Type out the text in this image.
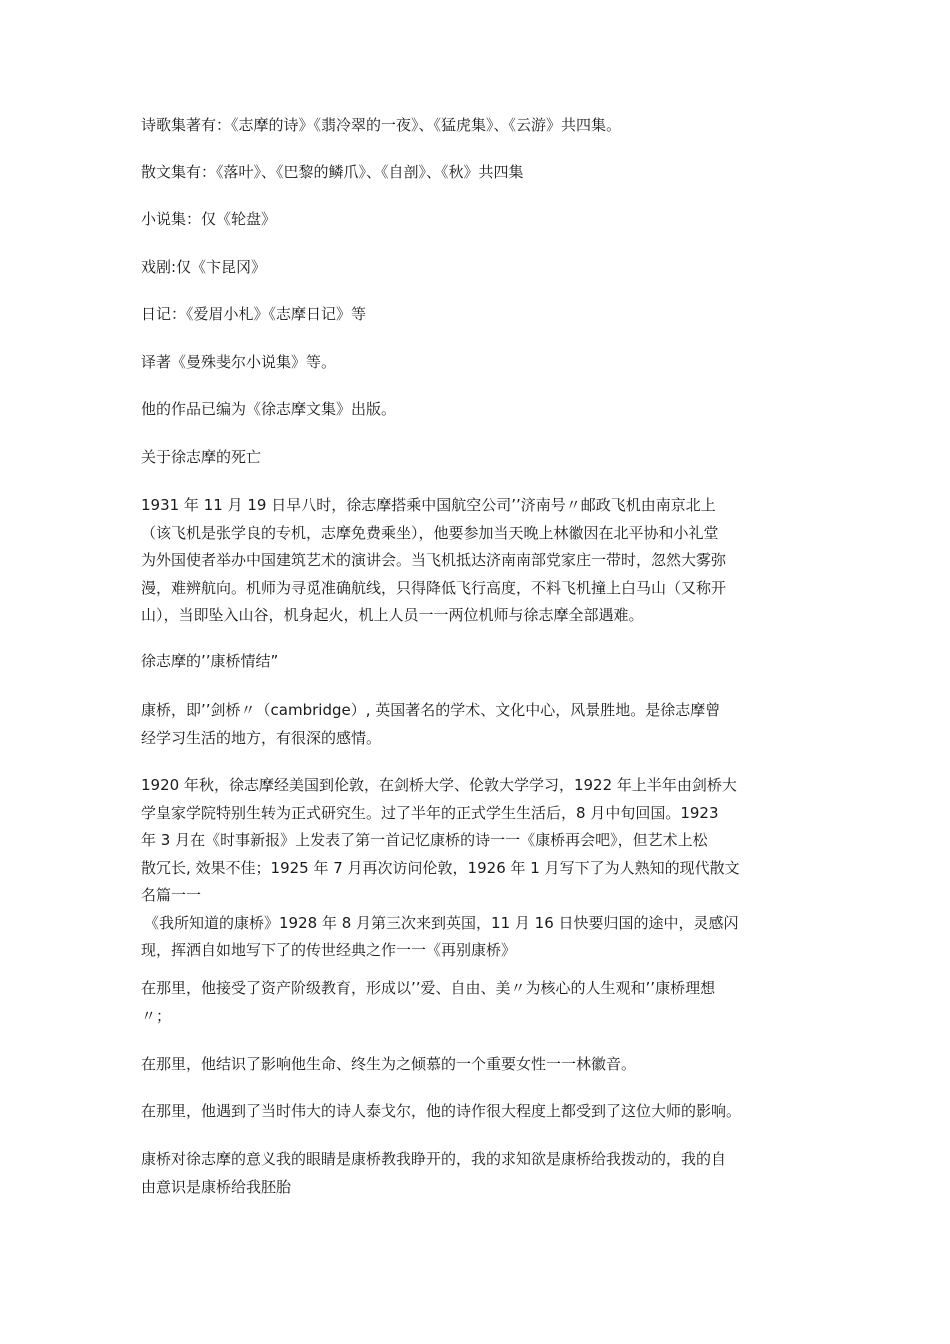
诗歌集著有：《志摩的诗》《翡冷翠的一夜》、《猛虎集》、《云游》共四集。
散文集有：《落叶》、《巴黎的鳞爪》、《自剖》、《秋》共四集
小说集：仅《轮盘》
戏剧:仅《卞昆冈》
日记：《爱眉小札》《志摩日记》等
译著《曼殊斐尔小说集》等。
他的作品已编为《徐志摩文集》出版。
关于徐志摩的死亡
1931 年 11 月 19 日早八时，徐志摩搭乘中国航空公司’’济南号〃邮政飞机由南京北上
（该飞机是张学良的专机，志摩免费乘坐），他要参加当天晚上林徽因在北平协和小礼堂
为外国使者举办中国建筑艺术的演讲会。当飞机抵达济南南部党家庄一带时，忽然大雾弥
漫，难辨航向。机师为寻觅准确航线，只得降低飞行高度，不料飞机撞上白马山（又称开
山），当即坠入山谷，机身起火，机上人员一一两位机师与徐志摩全部遇难。
徐志摩的’’康桥情结”
康桥，即’’剑桥〃（cambridge）, 英国著名的学术、文化中心，风景胜地。是徐志摩曾
经学习生活的地方，有很深的感情。
1920 年秋，徐志摩经美国到伦敦，在剑桥大学、伦敦大学学习，1922 年上半年由剑桥大
学皇家学院特别生转为正式研究生。过了半年的正式学生生活后，8 月中旬回国。1923
年 3 月在《时事新报》上发表了第一首记忆康桥的诗一一《康桥再会吧》，但艺术上松
散冗长, 效果不佳；1925 年 7 月再次访问伦敦，1926 年 1 月写下了为人熟知的现代散文
名篇一一
《我所知道的康桥》1928 年 8 月第三次来到英国，11 月 16 日快要归国的途中，灵感闪
现，挥洒自如地写下了的传世经典之作一一《再别康桥》
在那里，他接受了资产阶级教育，形成以’’爱、自由、美〃为核心的人生观和’’康桥理想
〃；
在那里，他结识了影响他生命、终生为之倾慕的一个重要女性一一林徽音。
在那里，他遇到了当时伟大的诗人泰戈尔，他的诗作很大程度上都受到了这位大师的影响。
康桥对徐志摩的意义我的眼睛是康桥教我睁开的，我的求知欲是康桥给我拨动的，我的自
由意识是康桥给我胚胎
